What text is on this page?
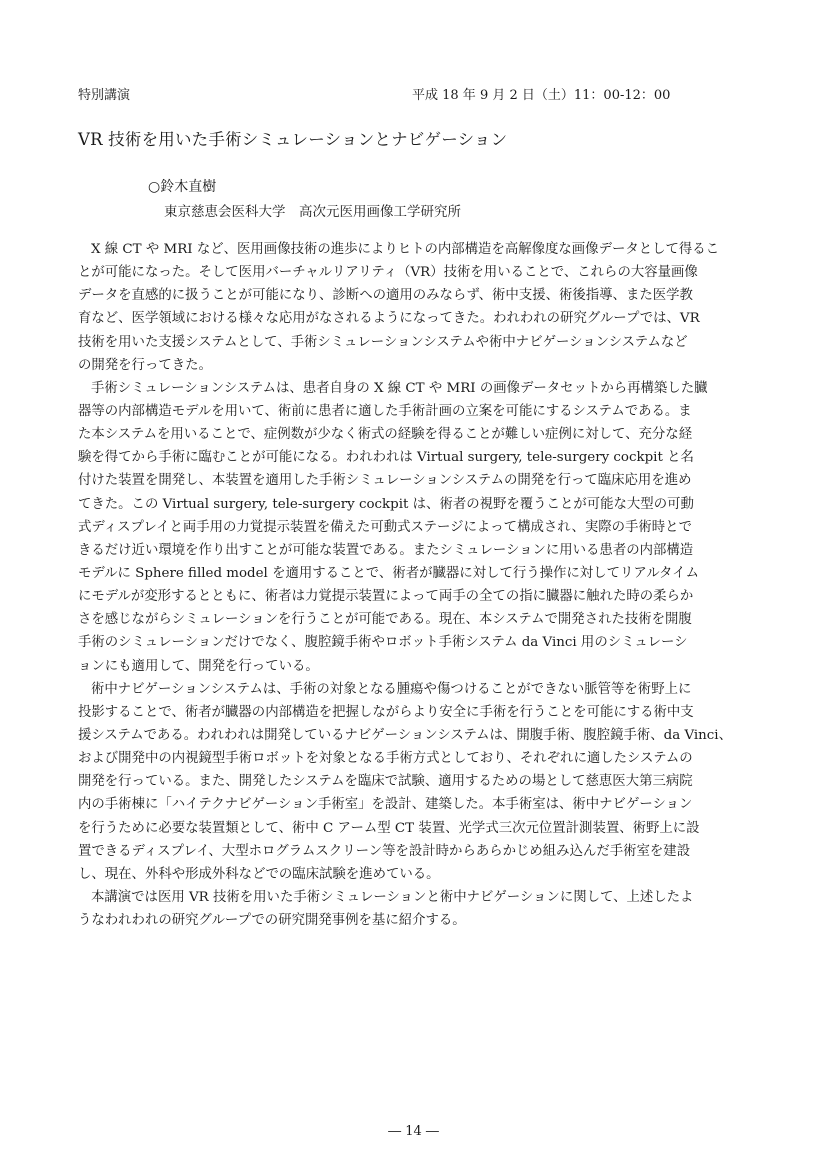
特別講演	平成 18 年 9 月 2 日（土）11：00-12：00
VR 技術を用いた手術シミュレーションとナビゲーション
○鈴木直樹
東京慈恵会医科大学　高次元医用画像工学研究所
X 線 CT や MRI など、医用画像技術の進歩によりヒトの内部構造を高解像度な画像データとして得るこ
とが可能になった。そして医用バーチャルリアリティ（VR）技術を用いることで、これらの大容量画像
データを直感的に扱うことが可能になり、診断への適用のみならず、術中支援、術後指導、また医学教
育など、医学領域における様々な応用がなされるようになってきた。われわれの研究グループでは、VR
技術を用いた支援システムとして、手術シミュレーションシステムや術中ナビゲーションシステムなど
の開発を行ってきた。
手術シミュレーションシステムは、患者自身の X 線 CT や MRI の画像データセットから再構築した臓
器等の内部構造モデルを用いて、術前に患者に適した手術計画の立案を可能にするシステムである。ま
た本システムを用いることで、症例数が少なく術式の経験を得ることが難しい症例に対して、充分な経
験を得てから手術に臨むことが可能になる。われわれは Virtual surgery, tele-surgery cockpit と名
付けた装置を開発し、本装置を適用した手術シミュレーションシステムの開発を行って臨床応用を進め
てきた。この Virtual surgery, tele-surgery cockpit は、術者の視野を覆うことが可能な大型の可動
式ディスプレイと両手用の力覚提示装置を備えた可動式ステージによって構成され、実際の手術時とで
きるだけ近い環境を作り出すことが可能な装置である。またシミュレーションに用いる患者の内部構造
モデルに Sphere filled model を適用することで、術者が臓器に対して行う操作に対してリアルタイム
にモデルが変形するとともに、術者は力覚提示装置によって両手の全ての指に臓器に触れた時の柔らか
さを感じながらシミュレーションを行うことが可能である。現在、本システムで開発された技術を開腹
手術のシミュレーションだけでなく、腹腔鏡手術やロボット手術システム da Vinci 用のシミュレーシ
ョンにも適用して、開発を行っている。
術中ナビゲーションシステムは、手術の対象となる腫瘍や傷つけることができない脈管等を術野上に
投影することで、術者が臓器の内部構造を把握しながらより安全に手術を行うことを可能にする術中支
援システムである。われわれは開発しているナビゲーションシステムは、開腹手術、腹腔鏡手術、da Vinci、
および開発中の内視鏡型手術ロボットを対象となる手術方式としており、それぞれに適したシステムの
開発を行っている。また、開発したシステムを臨床で試験、適用するための場として慈恵医大第三病院
内の手術棟に「ハイテクナビゲーション手術室」を設計、建築した。本手術室は、術中ナビゲーション
を行うために必要な装置類として、術中 C アーム型 CT 装置、光学式三次元位置計測装置、術野上に設
置できるディスプレイ、大型ホログラムスクリーン等を設計時からあらかじめ組み込んだ手術室を建設
し、現在、外科や形成外科などでの臨床試験を進めている。
本講演では医用 VR 技術を用いた手術シミュレーションと術中ナビゲーションに関して、上述したよ
うなわれわれの研究グループでの研究開発事例を基に紹介する。
― 14 ―
